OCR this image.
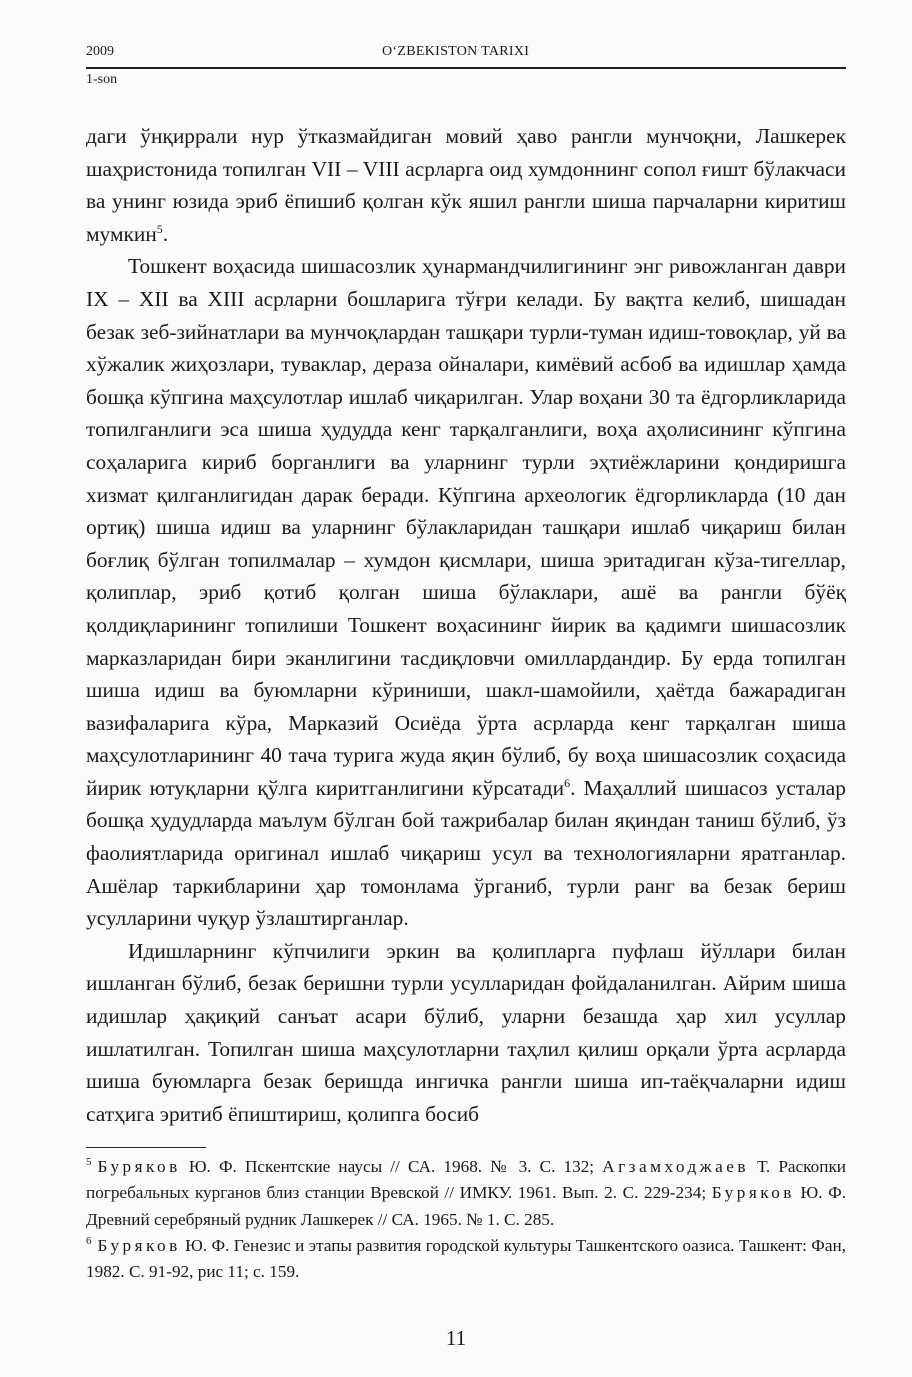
2009	O‘ZBEKISTON TARIXI
1-son

даги ўнқиррали нур ўтказмайдиган мовий ҳаво рангли мунчоқни, Лашкерек шаҳристонида топилган VII – VIII асрларга оид хумдоннинг сопол ғишт бўлакчаси ва унинг юзида эриб ёпишиб қолган кўк яшил рангли шиша парчаларни киритиш мумкин$^5$.

Тошкент воҳасида шишасозлик ҳунармандчилигининг энг ривожланган даври IX – XII ва XIII асрларни бошларига тўғри келади. Бу вақтга келиб, шишадан безак зеб-зийнатлари ва мунчоқлардан ташқари турли-туман идиш-товоқлар, уй ва хўжалик жиҳозлари, туваклар, дераза ойналари, кимёвий асбоб ва идишлар ҳамда бошқа кўпгина маҳсулотлар ишлаб чиқарилган. Улар воҳани 30 та ёдгорликларида топилганлиги эса шиша ҳудудда кенг тарқалганлиги, воҳа аҳолисининг кўпгина соҳаларига кириб борганлиги ва уларнинг турли эҳтиёжларини қондиришга хизмат қилганлигидан дарак беради. Кўпгина археологик ёдгорликларда (10 дан ортиқ) шиша идиш ва уларнинг бўлакларидан ташқари ишлаб чиқариш билан боғлиқ бўлган топилмалар – хумдон қисмлари, шиша эритадиган кўза-тигеллар, қолиплар, эриб қотиб қолган шиша бўлаклари, ашё ва рангли бўёқ қолдиқларининг топилиши Тошкент воҳасининг йирик ва қадимги шишасозлик марказларидан бири эканлигини тасдиқловчи омиллардандир. Бу ерда топилган шиша идиш ва буюмларни кўриниши, шакл-шамойили, ҳаётда бажарадиган вазифаларига кўра, Марказий Осиёда ўрта асрларда кенг тарқалган шиша маҳсулотларининг 40 тача турига жуда яқин бўлиб, бу воҳа шишасозлик соҳасида йирик ютуқларни қўлга киритганлигини кўрсатади$^6$. Маҳаллий шишасоз усталар бошқа ҳудудларда маълум бўлган бой тажрибалар билан яқиндан таниш бўлиб, ўз фаолиятларида оригинал ишлаб чиқариш усул ва технологияларни яратганлар. Ашёлар таркибларини ҳар томонлама ўрганиб, турли ранг ва безак бериш усулларини чуқур ўзлаштирганлар.

Идишларнинг кўпчилиги эркин ва қолипларга пуфлаш йўллари билан ишланган бўлиб, безак беришни турли усулларидан фойдаланилган. Айрим шиша идишлар ҳақиқий санъат асари бўлиб, уларни безашда ҳар хил усуллар ишлатилган. Топилган шиша маҳсулотларни таҳлил қилиш орқали ўрта асрларда шиша буюмларга безак беришда ингичка рангли шиша ип-таёқчаларни идиш сатҳига эритиб ёпиштириш, қолипга босиб

$^5$ Буряков Ю. Ф. Пскентские наусы // СА. 1968. № 3. С. 132; Агзамходжаев Т. Раскопки погребальных курганов близ станции Вревской // ИМКУ. 1961. Вып. 2. С. 229-234; Буряков Ю. Ф. Древний серебряный рудник Лашкерек // СА. 1965. № 1. С. 285.

$^6$ Буряков Ю. Ф. Генезис и этапы развития городской культуры Ташкентского оазиса. Ташкент: Фан, 1982. С. 91-92, рис 11; с. 159.

11
